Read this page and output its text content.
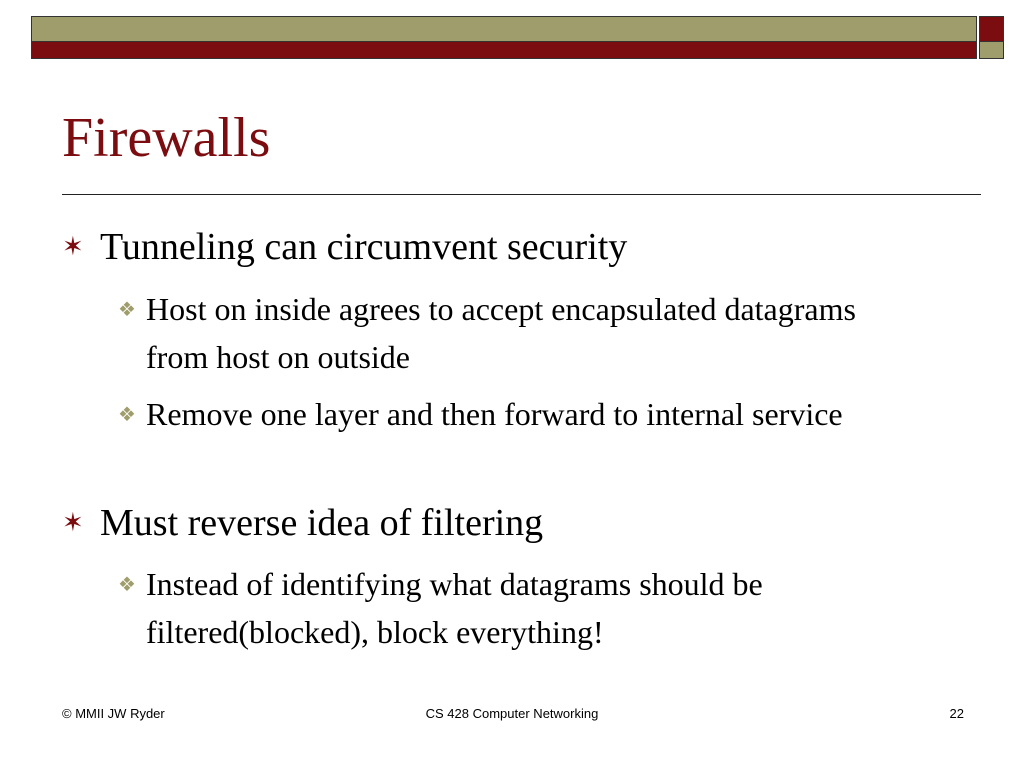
Firewalls
✶ Tunneling can circumvent security
❖ Host on inside agrees to accept encapsulated datagrams from host on outside
❖ Remove one layer and then forward to internal service
✶ Must reverse idea of filtering
❖ Instead of identifying what datagrams should be filtered(blocked), block everything!
© MMII JW Ryder	CS 428 Computer Networking	22
